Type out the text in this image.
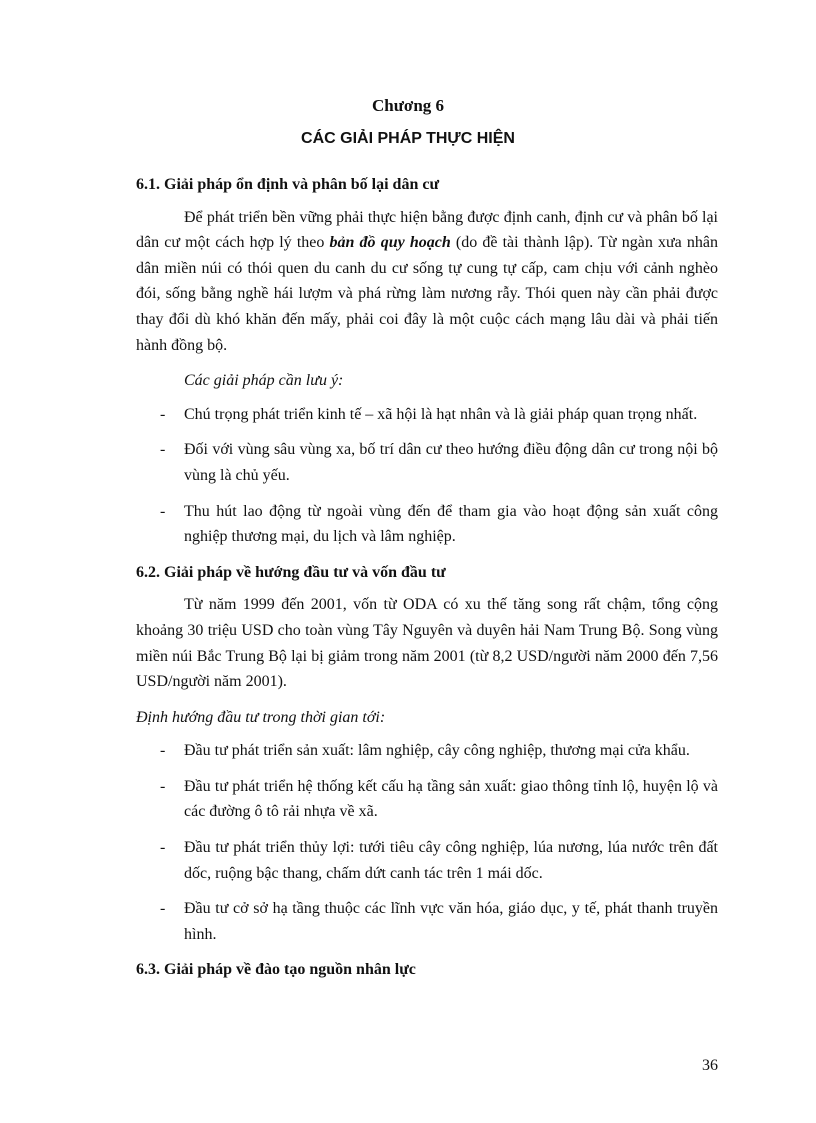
Chương 6
CÁC GIẢI PHÁP THỰC HIỆN

6.1. Giải pháp ổn định và phân bố lại dân cư

Để phát triển bền vững phải thực hiện bằng được định canh, định cư và phân bố lại dân cư một cách hợp lý theo bản đồ quy hoạch (do đề tài thành lập). Từ ngàn xưa nhân dân miền núi có thói quen du canh du cư sống tự cung tự cấp, cam chịu với cảnh nghèo đói, sống bằng nghề hái lượm và phá rừng làm nương rẫy. Thói quen này cần phải được thay đổi dù khó khăn đến mấy, phải coi đây là một cuộc cách mạng lâu dài và phải tiến hành đồng bộ.

Các giải pháp cần lưu ý:

- Chú trọng phát triển kinh tế – xã hội là hạt nhân và là giải pháp quan trọng nhất.
- Đối với vùng sâu vùng xa, bố trí dân cư theo hướng điều động dân cư trong nội bộ vùng là chủ yếu.
- Thu hút lao động từ ngoài vùng đến để tham gia vào hoạt động sản xuất công nghiệp thương mại, du lịch và lâm nghiệp.

6.2. Giải pháp về hướng đầu tư và vốn đầu tư

Từ năm 1999 đến 2001, vốn từ ODA có xu thế tăng song rất chậm, tổng cộng khoảng 30 triệu USD cho toàn vùng Tây Nguyên và duyên hải Nam Trung Bộ. Song vùng miền núi Bắc Trung Bộ lại bị giảm trong năm 2001 (từ 8,2 USD/người năm 2000 đến 7,56 USD/người năm 2001).

Định hướng đầu tư trong thời gian tới:

- Đầu tư phát triển sản xuất: lâm nghiệp, cây công nghiệp, thương mại cửa khẩu.
- Đầu tư phát triển hệ thống kết cấu hạ tầng sản xuất: giao thông tỉnh lộ, huyện lộ và các đường ô tô rải nhựa về xã.
- Đầu tư phát triển thủy lợi: tưới tiêu cây công nghiệp, lúa nương, lúa nước trên đất dốc, ruộng bậc thang, chấm dứt canh tác trên 1 mái dốc.
- Đầu tư cở sở hạ tầng thuộc các lĩnh vực văn hóa, giáo dục, y tế, phát thanh truyền hình.

6.3. Giải pháp về đào tạo nguồn nhân lực

36
